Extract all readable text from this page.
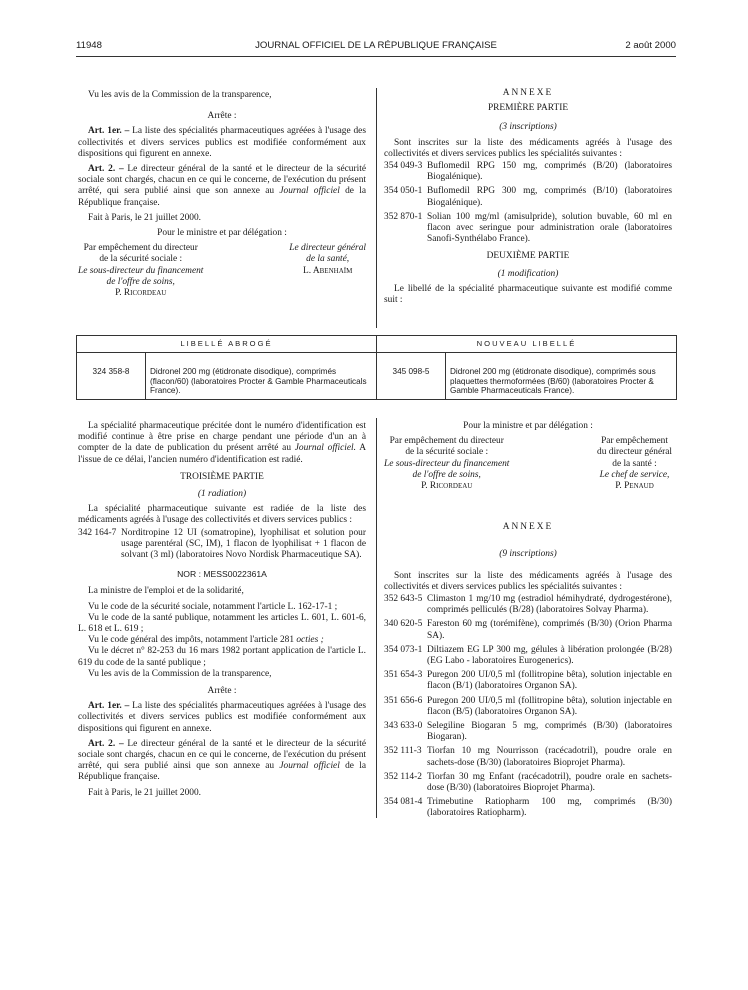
11948	JOURNAL OFFICIEL DE LA RÉPUBLIQUE FRANÇAISE	2 août 2000

Vu les avis de la Commission de la transparence,

Arrête :

Art. 1er. – La liste des spécialités pharmaceutiques agréées à l'usage des collectivités et divers services publics est modifiée conformément aux dispositions qui figurent en annexe.

Art. 2. – Le directeur général de la santé et le directeur de la sécurité sociale sont chargés, chacun en ce qui le concerne, de l'exécution du présent arrêté, qui sera publié ainsi que son annexe au Journal officiel de la République française.

Fait à Paris, le 21 juillet 2000.

Pour le ministre et par délégation :

Par empêchement du directeur
de la sécurité sociale :
Le sous-directeur du financement
de l'offre de soins,
P. Ricordeau
Le directeur général
de la santé,
L. Abenhaïm

ANNEXE

PREMIÈRE PARTIE

(3 inscriptions)

Sont inscrites sur la liste des médicaments agréés à l'usage des collectivités et divers services publics les spécialités suivantes :

354 049-3 Buflomedil RPG 150 mg, comprimés (B/20) (laboratoires Biogalénique).
354 050-1 Buflomedil RPG 300 mg, comprimés (B/10) (laboratoires Biogalénique).
352 870-1 Solian 100 mg/ml (amisulpride), solution buvable, 60 ml en flacon avec seringue pour administration orale (laboratoires Sanofi-Synthélabo France).

DEUXIÈME PARTIE

(1 modification)

Le libellé de la spécialité pharmaceutique suivante est modifié comme suit :

LIBELLÉ ABROGÉ		NOUVEAU LIBELLÉ	
324 358-8	Didronel 200 mg (étidronate disodique), comprimés (flacon/60) (laboratoires Procter & Gamble Pharmaceuticals France).	345 098-5	Didronel 200 mg (étidronate disodique), comprimés sous plaquettes thermoformées (B/60) (laboratoires Procter & Gamble Pharmaceuticals France).

La spécialité pharmaceutique précitée dont le numéro d'identification est modifié continue à être prise en charge pendant une période d'un an à compter de la date de publication du présent arrêté au Journal officiel. A l'issue de ce délai, l'ancien numéro d'identification est radié.

TROISIÈME PARTIE

(1 radiation)

La spécialité pharmaceutique suivante est radiée de la liste des médicaments agréés à l'usage des collectivités et divers services publics :

342 164-7 Norditropine 12 UI (somatropine), lyophilisat et solution pour usage parentéral (SC, IM), 1 flacon de lyophilisat + 1 flacon de solvant (3 ml) (laboratoires Novo Nordisk Pharmaceutique SA).
NOR : MESS0022361A

La ministre de l'emploi et de la solidarité,

Vu le code de la sécurité sociale, notamment l'article L. 162-17-1 ;

Vu le code de la santé publique, notamment les articles L. 601, L. 601-6, L. 618 et L. 619 ;

Vu le code général des impôts, notamment l'article 281 octies ;

Vu le décret n° 82-253 du 16 mars 1982 portant application de l'article L. 619 du code de la santé publique ;

Vu les avis de la Commission de la transparence,

Arrête :

Art. 1er. – La liste des spécialités pharmaceutiques agréées à l'usage des collectivités et divers services publics est modifiée conformément aux dispositions qui figurent en annexe.

Art. 2. – Le directeur général de la santé et le directeur de la sécurité sociale sont chargés, chacun en ce qui le concerne, de l'exécution du présent arrêté, qui sera publié ainsi que son annexe au Journal officiel de la République française.

Fait à Paris, le 21 juillet 2000.

Pour la ministre et par délégation :

Par empêchement du directeur
de la sécurité sociale :
Le sous-directeur du financement
de l'offre de soins,
P. Ricordeau
Par empêchement
du directeur général
de la santé :
Le chef de service,
P. Penaud

ANNEXE

(9 inscriptions)

Sont inscrites sur la liste des médicaments agréés à l'usage des collectivités et divers services publics les spécialités suivantes :

352 643-5 Climaston 1 mg/10 mg (estradiol hémihydraté, dydrogestérone), comprimés pelliculés (B/28) (laboratoires Solvay Pharma).
340 620-5 Fareston 60 mg (torémifène), comprimés (B/30) (Orion Pharma SA).
354 073-1 Diltiazem EG LP 300 mg, gélules à libération prolongée (B/28) (EG Labo - laboratoires Eurogenerics).
351 654-3 Puregon 200 UI/0,5 ml (follitropine bêta), solution injectable en flacon (B/1) (laboratoires Organon SA).
351 656-6 Puregon 200 UI/0,5 ml (follitropine bêta), solution injectable en flacon (B/5) (laboratoires Organon SA).
343 633-0 Selegiline Biogaran 5 mg, comprimés (B/30) (laboratoires Biogaran).
352 111-3 Tiorfan 10 mg Nourrisson (racécadotril), poudre orale en sachets-dose (B/30) (laboratoires Bioprojet Pharma).
352 114-2 Tiorfan 30 mg Enfant (racécadotril), poudre orale en sachets-dose (B/30) (laboratoires Bioprojet Pharma).
354 081-4 Trimebutine Ratiopharm 100 mg, comprimés (B/30) (laboratoires Ratiopharm).
